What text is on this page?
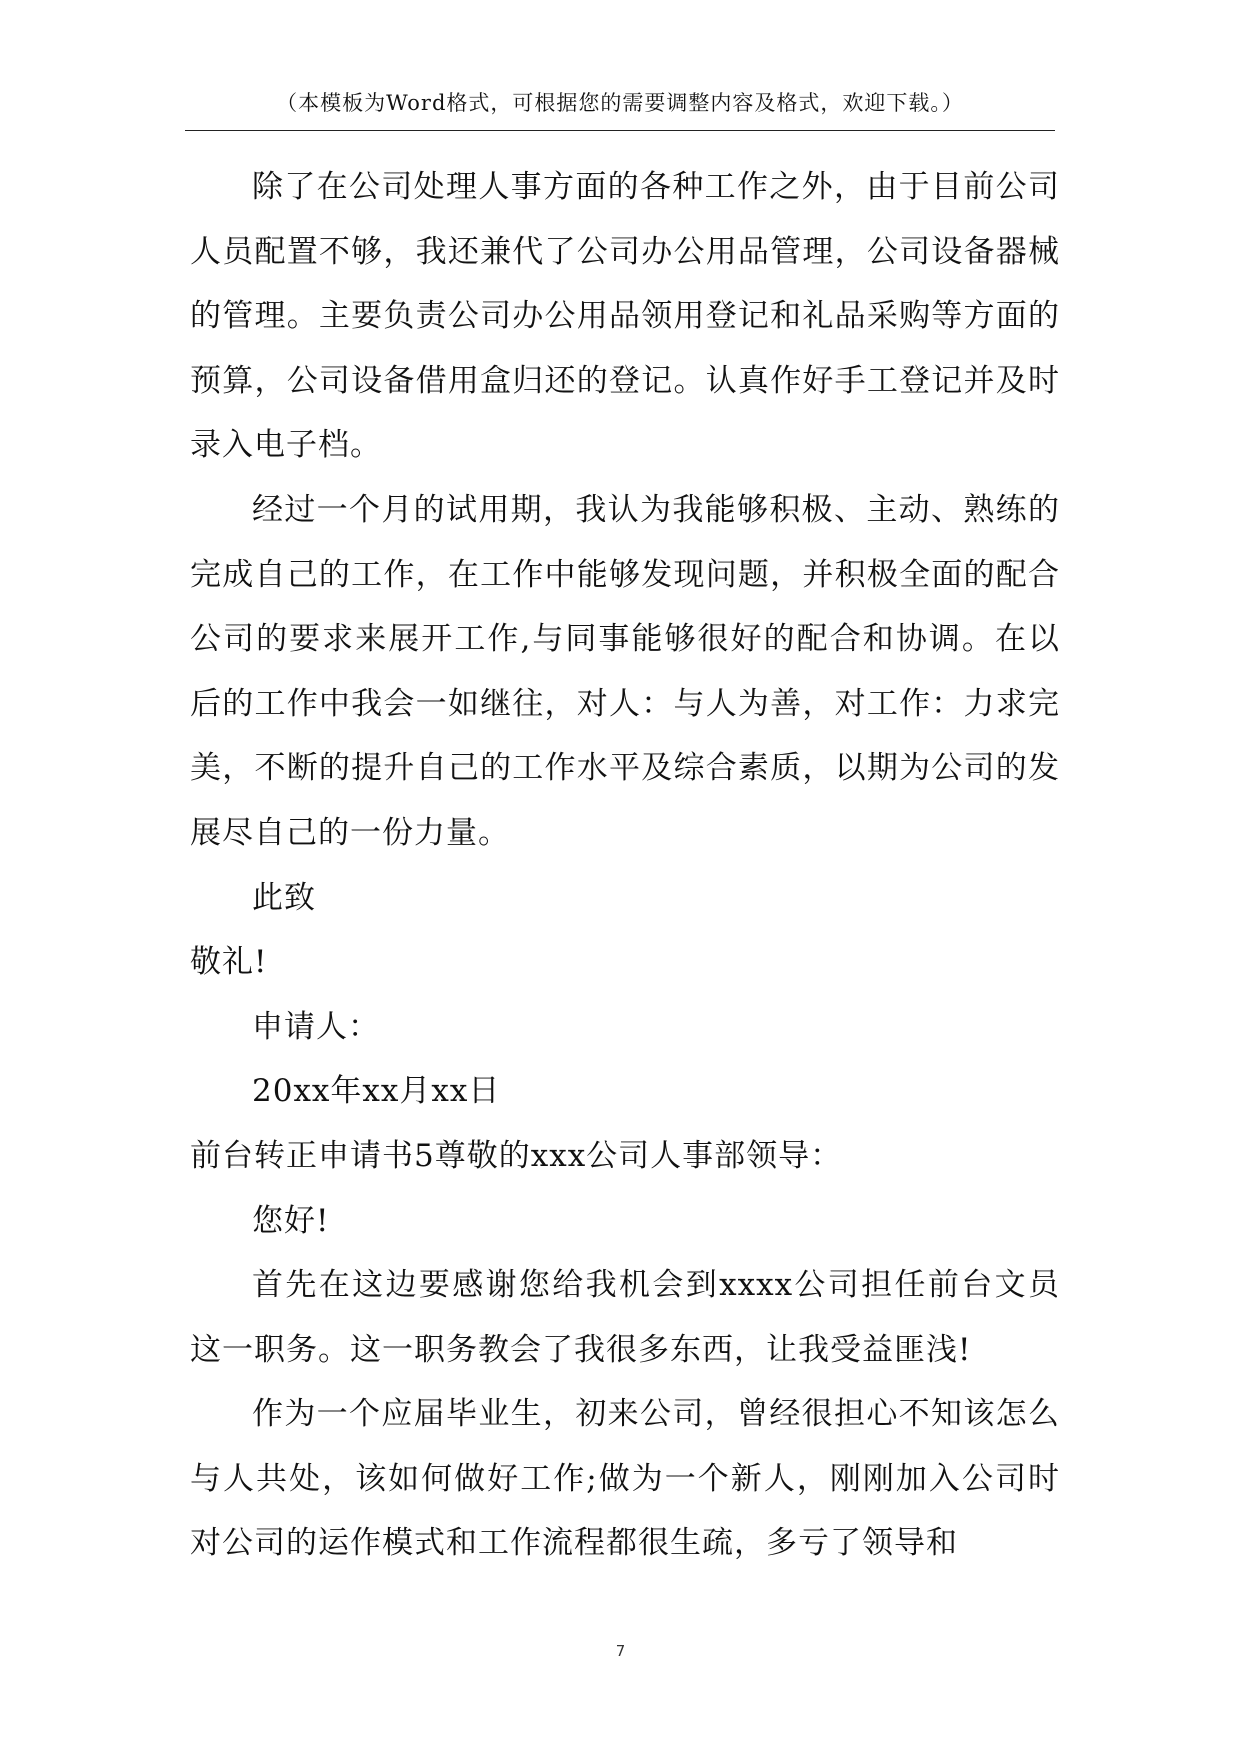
（本模板为Word格式，可根据您的需要调整内容及格式，欢迎下载。）

除了在公司处理人事方面的各种工作之外，由于目前公司人员配置不够，我还兼代了公司办公用品管理，公司设备器械的管理。主要负责公司办公用品领用登记和礼品采购等方面的预算，公司设备借用盒归还的登记。认真作好手工登记并及时录入电子档。

经过一个月的试用期，我认为我能够积极、主动、熟练的完成自己的工作，在工作中能够发现问题，并积极全面的配合公司的要求来展开工作,与同事能够很好的配合和协调。在以后的工作中我会一如继往，对人：与人为善，对工作：力求完美，不断的提升自己的工作水平及综合素质，以期为公司的发展尽自己的一份力量。

此致

敬礼!

申请人：

20xx年xx月xx日

前台转正申请书5尊敬的xxx公司人事部领导：

您好!

首先在这边要感谢您给我机会到xxxx公司担任前台文员这一职务。这一职务教会了我很多东西，让我受益匪浅!

作为一个应届毕业生，初来公司，曾经很担心不知该怎么与人共处，该如何做好工作;做为一个新人，刚刚加入公司时对公司的运作模式和工作流程都很生疏，多亏了领导和

7
